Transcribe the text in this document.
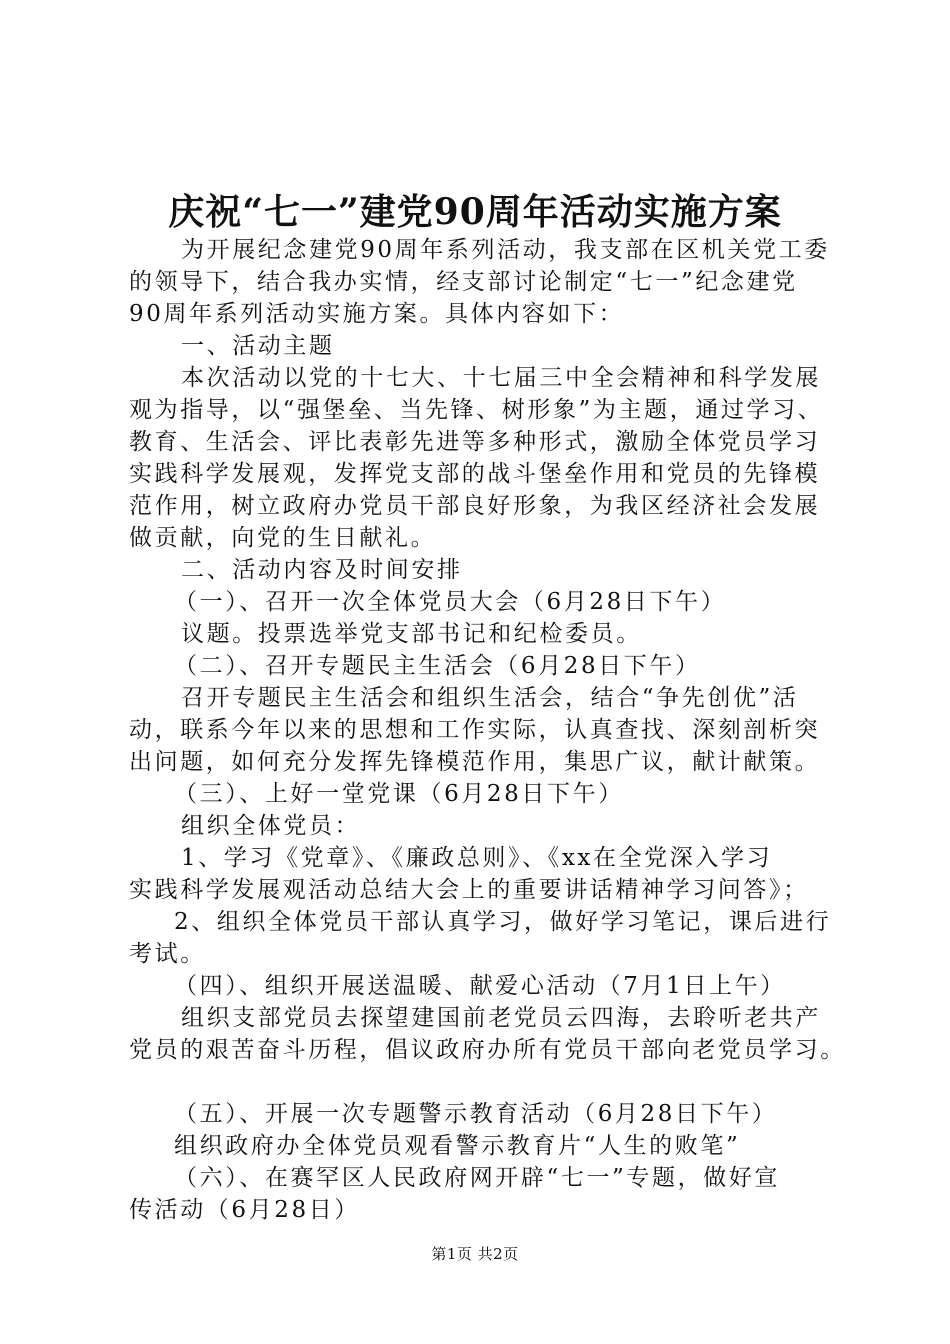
庆祝“七一”建党90周年活动实施方案

为开展纪念建党90周年系列活动，我支部在区机关党工委

的领导下，结合我办实情，经支部讨论制定“七一”纪念建党

90周年系列活动实施方案。具体内容如下：

一、活动主题

本次活动以党的十七大、十七届三中全会精神和科学发展

观为指导，以“强堡垒、当先锋、树形象”为主题，通过学习、

教育、生活会、评比表彰先进等多种形式，激励全体党员学习

实践科学发展观，发挥党支部的战斗堡垒作用和党员的先锋模

范作用，树立政府办党员干部良好形象，为我区经济社会发展

做贡献，向党的生日献礼。

二、活动内容及时间安排

（一）、召开一次全体党员大会（6月28日下午）

议题。投票选举党支部书记和纪检委员。

（二）、召开专题民主生活会（6月28日下午）

召开专题民主生活会和组织生活会，结合“争先创优”活

动，联系今年以来的思想和工作实际，认真查找、深刻剖析突

出问题，如何充分发挥先锋模范作用，集思广议，献计献策。

（三）、上好一堂党课（6月28日下午）

组织全体党员：

1、学习《党章》、《廉政总则》、《xx在全党深入学习

实践科学发展观活动总结大会上的重要讲话精神学习问答》；

2、组织全体党员干部认真学习，做好学习笔记，课后进行

考试。

（四）、组织开展送温暖、献爱心活动（7月1日上午）

组织支部党员去探望建国前老党员云四海，去聆听老共产

党员的艰苦奋斗历程，倡议政府办所有党员干部向老党员学习。

（五）、开展一次专题警示教育活动（6月28日下午）

组织政府办全体党员观看警示教育片“人生的败笔”

（六）、在赛罕区人民政府网开辟“七一”专题，做好宣

传活动（6月28日）

第1页 共2页
